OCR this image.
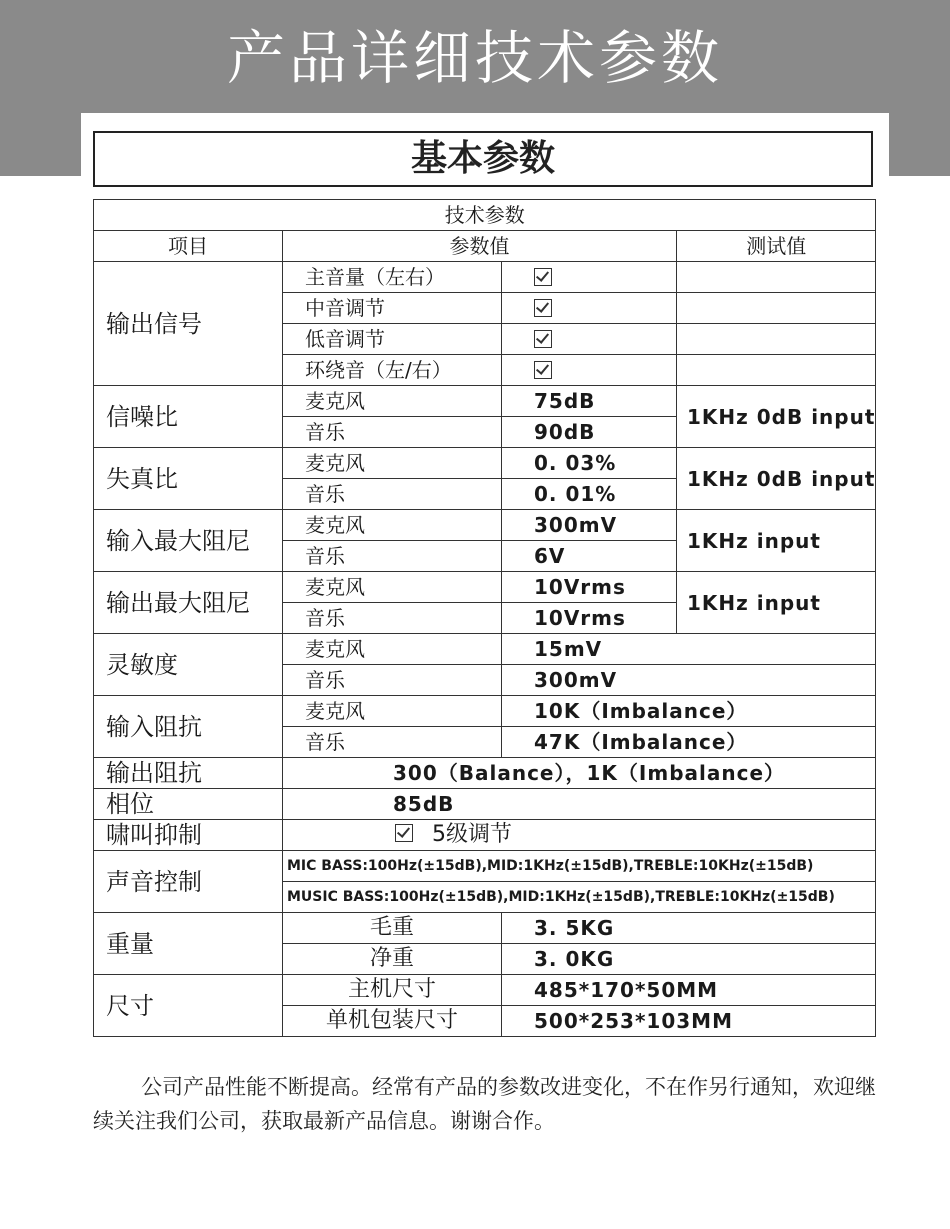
产品详细技术参数
基本参数
技术参数			
项目	参数值		测试值
输出信号	主音量（左右）		
	中音调节		
	低音调节		
	环绕音（左/右）		
信噪比	麦克风	75dB	1KHz 0dB input
	音乐	90dB	
失真比	麦克风	0. 03%	1KHz 0dB input
	音乐	0. 01%	
输入最大阻尼	麦克风	300mV	1KHz input
	音乐	6V	
输出最大阻尼	麦克风	10Vrms	1KHz input
	音乐	10Vrms	
灵敏度	麦克风	15mV	
	音乐	300mV	
输入阻抗	麦克风	10K（Imbalance）	
	音乐	47K（Imbalance）	
输出阻抗	300（Balance），1K（Imbalance）		
相位	85dB		
啸叫抑制	5级调节		
声音控制	MIC BASS:100Hz(±15dB),MID:1KHz(±15dB),TREBLE:10KHz(±15dB)		
	MUSIC BASS:100Hz(±15dB),MID:1KHz(±15dB),TREBLE:10KHz(±15dB)		
重量	毛重	3. 5KG	
	净重	3. 0KG	
尺寸	主机尺寸	485*170*50MM	
	单机包装尺寸	500*253*103MM	

公司产品性能不断提高。经常有产品的参数改进变化，不在作另行通知，欢迎继续关注我们公司，获取最新产品信息。谢谢合作。
